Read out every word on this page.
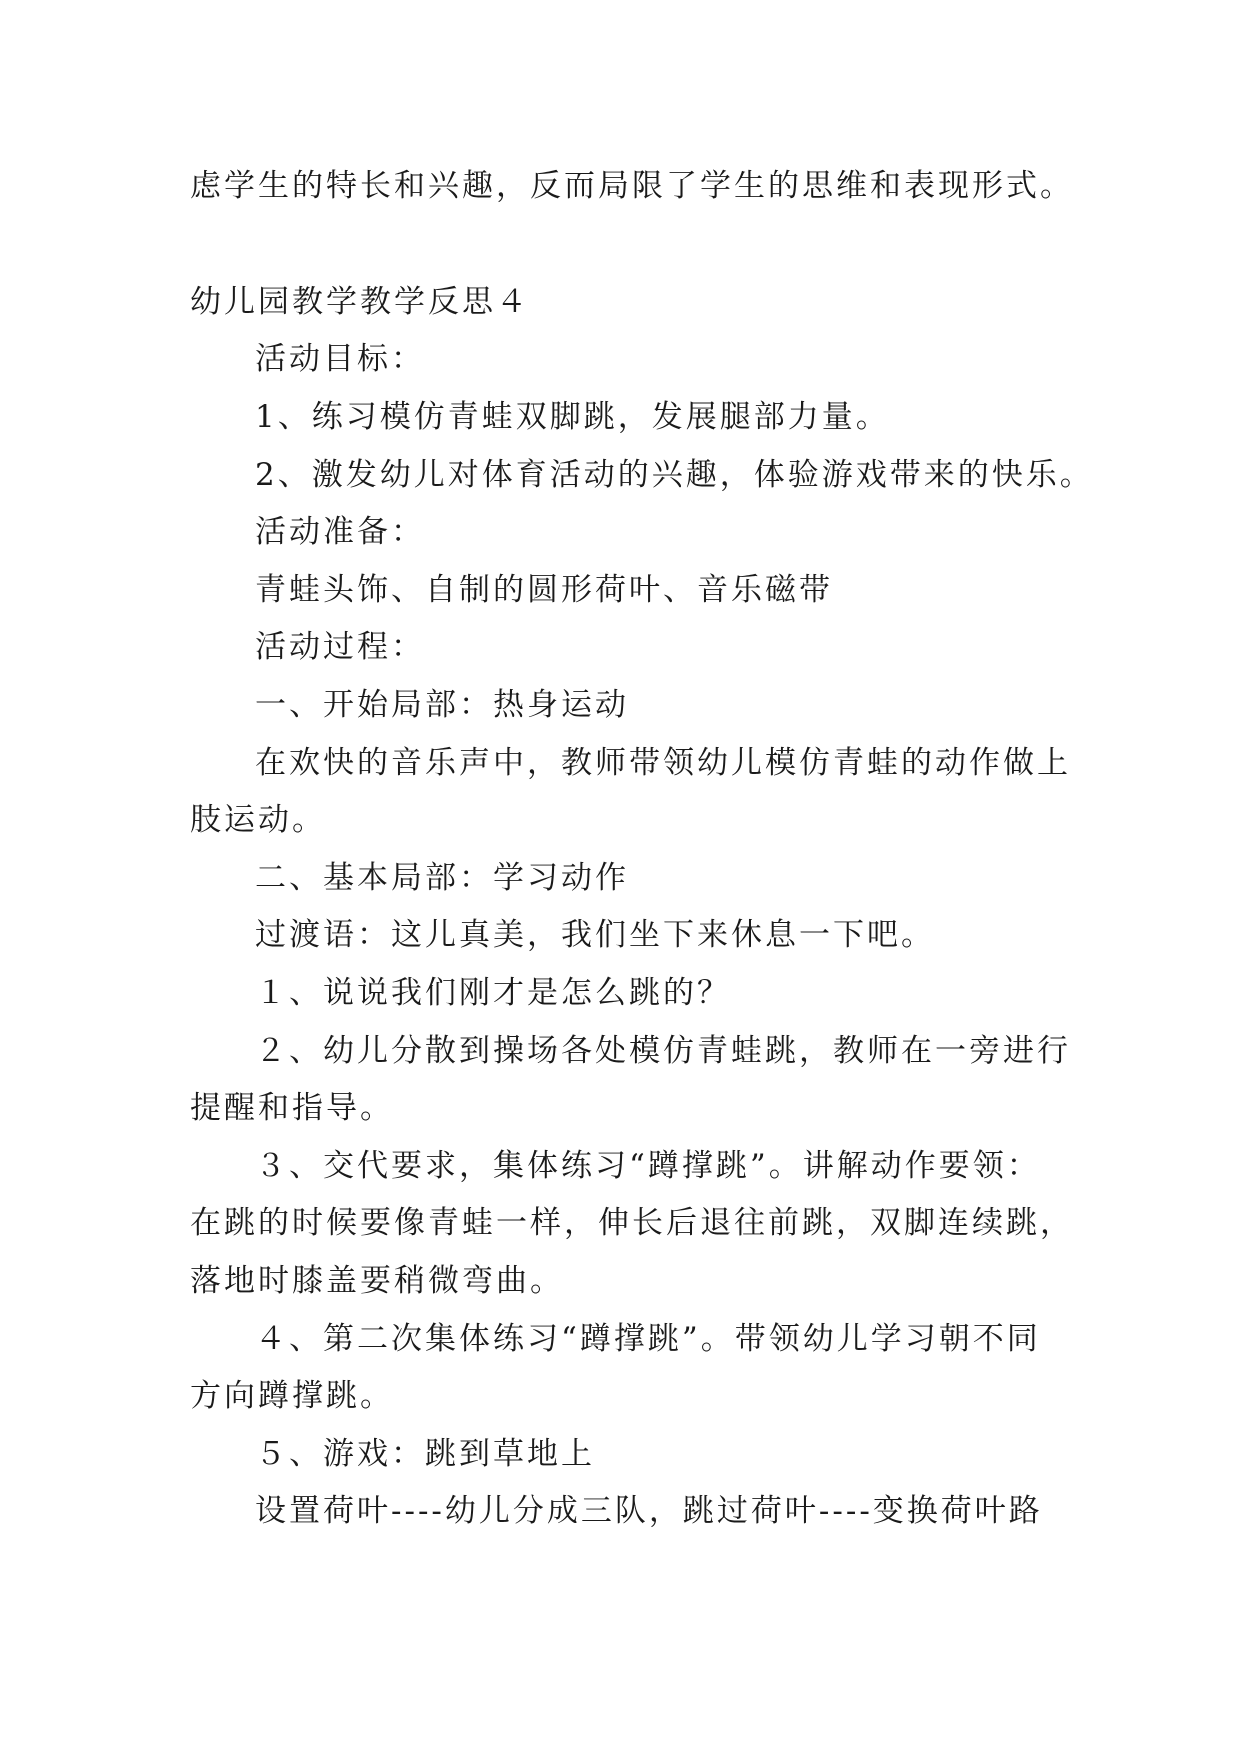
虑学生的特长和兴趣，反而局限了学生的思维和表现形式。

幼儿园教学教学反思４

活动目标：

1、练习模仿青蛙双脚跳，发展腿部力量。

2、激发幼儿对体育活动的兴趣，体验游戏带来的快乐。

活动准备：

青蛙头饰、自制的圆形荷叶、音乐磁带

活动过程：

一、开始局部：热身运动

在欢快的音乐声中，教师带领幼儿模仿青蛙的动作做上

肢运动。

二、基本局部：学习动作

过渡语：这儿真美，我们坐下来休息一下吧。

１、说说我们刚才是怎么跳的？

２、幼儿分散到操场各处模仿青蛙跳，教师在一旁进行

提醒和指导。

３、交代要求，集体练习“蹲撑跳”。讲解动作要领：

在跳的时候要像青蛙一样，伸长后退往前跳，双脚连续跳，

落地时膝盖要稍微弯曲。

４、第二次集体练习“蹲撑跳”。带领幼儿学习朝不同

方向蹲撑跳。

５、游戏：跳到草地上

设置荷叶----幼儿分成三队，跳过荷叶----变换荷叶路
